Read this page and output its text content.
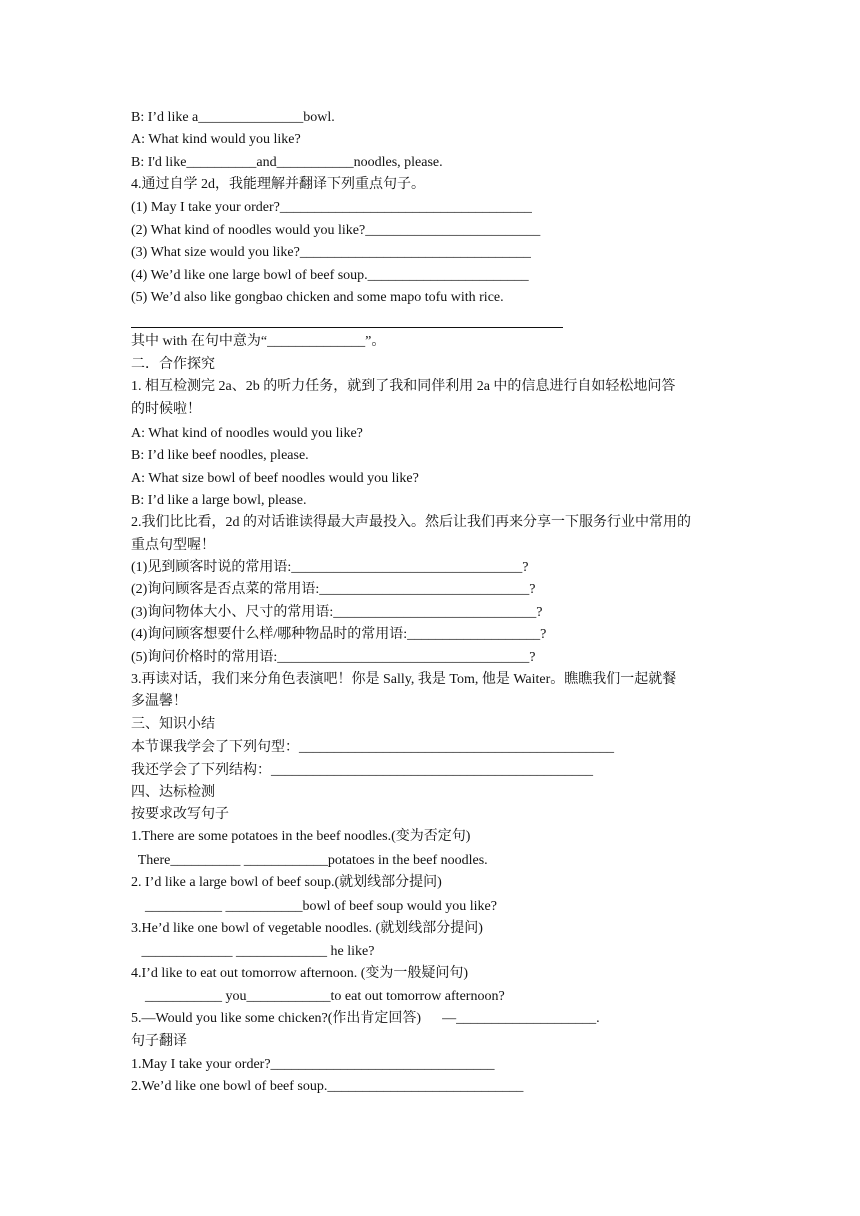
B: I’d like a_______________bowl.
A: What kind would you like?
B: I'd like__________and___________noodles, please.
4.通过自学 2d，我能理解并翻译下列重点句子。
(1) May I take your order?____________________________________
(2) What kind of noodles would you like?_________________________
(3) What size would you like?_________________________________
(4) We’d like one large bowl of beef soup._______________________
(5) We’d also like gongbao chicken and some mapo tofu with rice.
其中 with 在句中意为“______________”。
二．合作探究
1. 相互检测完 2a、2b 的听力任务，就到了我和同伴利用 2a 中的信息进行自如轻松地问答
的时候啦！
A: What kind of noodles would you like?
B: I’d like beef noodles, please.
A: What size bowl of beef noodles would you like?
B: I’d like a large bowl, please.
2.我们比比看，2d 的对话谁读得最大声最投入。然后让我们再来分享一下服务行业中常用的
重点句型喔！
(1)见到顾客时说的常用语:_________________________________?
(2)询问顾客是否点菜的常用语:______________________________?
(3)询问物体大小、尺寸的常用语:_____________________________?
(4)询问顾客想要什么样/哪种物品时的常用语:___________________?
(5)询问价格时的常用语:____________________________________?
3.再读对话，我们来分角色表演吧！你是 Sally, 我是 Tom, 他是 Waiter。瞧瞧我们一起就餐
多温馨！
三、知识小结
本节课我学会了下列句型：_____________________________________________
我还学会了下列结构：______________________________________________
四、达标检测
按要求改写句子
1.There are some potatoes in the beef noodles.(变为否定句)
There__________ ____________potatoes in the beef noodles.
2. I’d like a large bowl of beef soup.(就划线部分提问)
___________ ___________bowl of beef soup would you like?
3.He’d like one bowl of vegetable noodles. (就划线部分提问)
_____________ _____________ he like?
4.I’d like to eat out tomorrow afternoon. (变为一般疑问句)
___________ you____________to eat out tomorrow afternoon?
5.—Would you like some chicken?(作出肯定回答)      —____________________.
句子翻译
1.May I take your order?________________________________
2.We’d like one bowl of beef soup.____________________________
